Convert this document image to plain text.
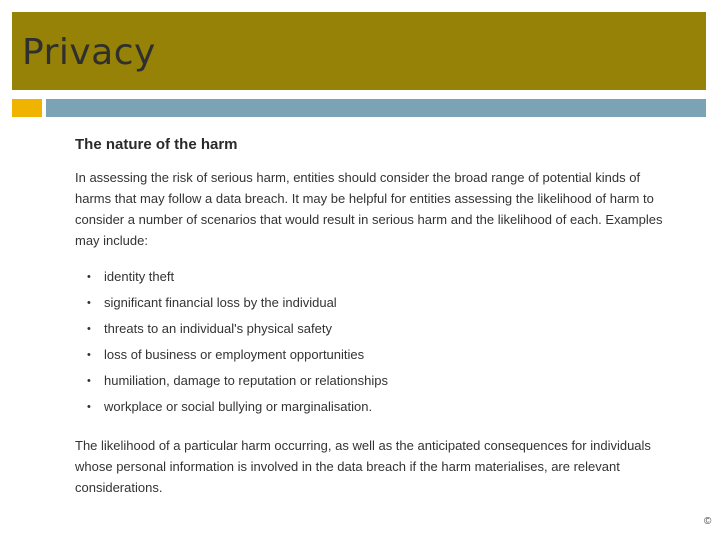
Privacy
The nature of the harm

In assessing the risk of serious harm, entities should consider the broad range of potential kinds of harms that may follow a data breach. It may be helpful for entities assessing the likelihood of harm to consider a number of scenarios that would result in serious harm and the likelihood of each. Examples may include:

•	identity theft
•	significant financial loss by the individual
•	threats to an individual's physical safety
•	loss of business or employment opportunities
•	humiliation, damage to reputation or relationships
•	workplace or social bullying or marginalisation.

The likelihood of a particular harm occurring, as well as the anticipated consequences for individuals whose personal information is involved in the data breach if the harm materialises, are relevant considerations.

Margaret McPherson. CPM, FAAPM	Brett McPherson. Life Member – AAPM, CPM, FAAPM.
©
